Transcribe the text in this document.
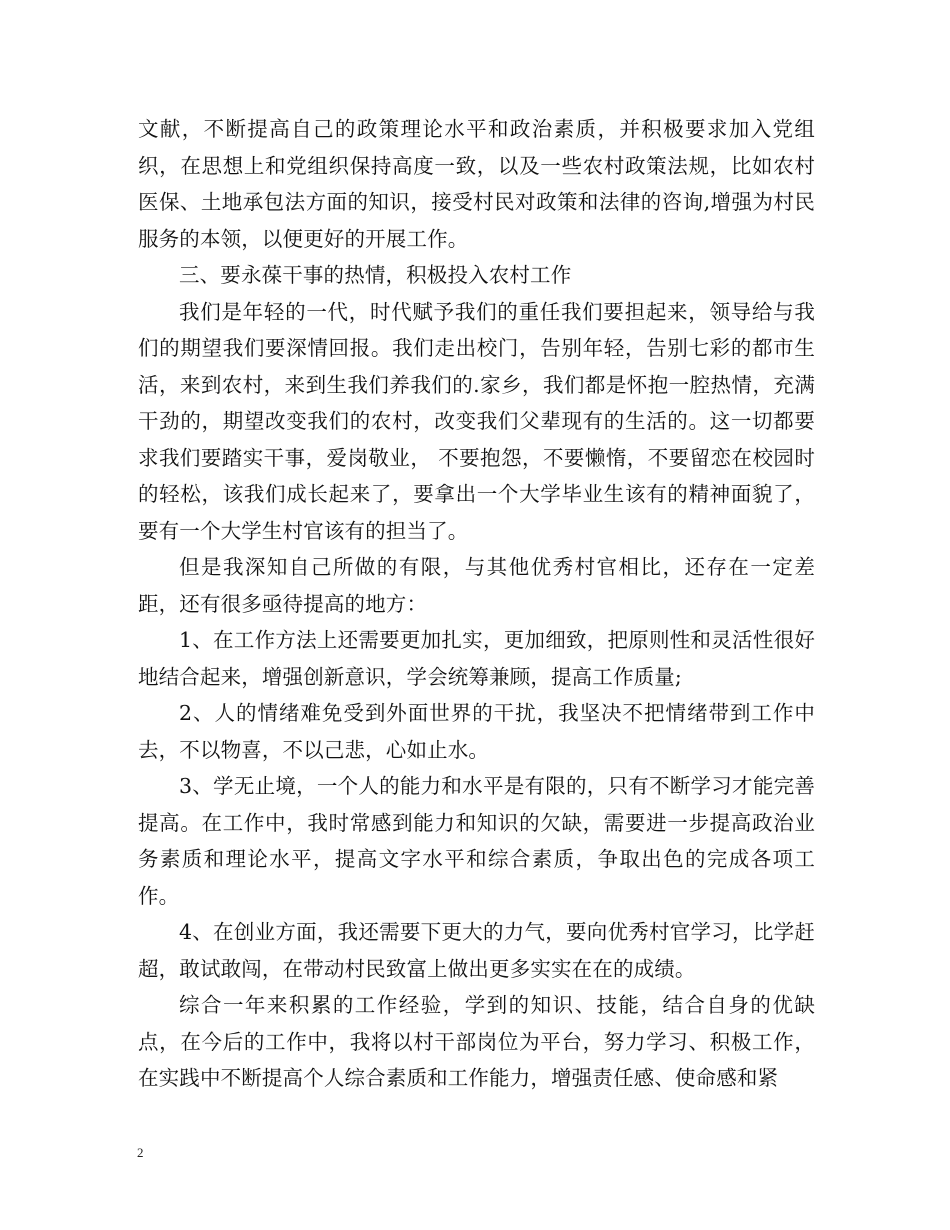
文献，不断提高自己的政策理论水平和政治素质，并积极要求加入党组织，在思想上和党组织保持高度一致，以及一些农村政策法规，比如农村医保、土地承包法方面的知识，接受村民对政策和法律的咨询,增强为村民服务的本领，以便更好的开展工作。

三、要永葆干事的热情，积极投入农村工作

我们是年轻的一代，时代赋予我们的重任我们要担起来，领导给与我们的期望我们要深情回报。我们走出校门，告别年轻，告别七彩的都市生活，来到农村，来到生我们养我们的.家乡，我们都是怀抱一腔热情，充满干劲的，期望改变我们的农村，改变我们父辈现有的生活的。这一切都要求我们要踏实干事，爱岗敬业， 不要抱怨，不要懒惰，不要留恋在校园时的轻松，该我们成长起来了，要拿出一个大学毕业生该有的精神面貌了，要有一个大学生村官该有的担当了。

但是我深知自己所做的有限，与其他优秀村官相比，还存在一定差距，还有很多亟待提高的地方：

1、在工作方法上还需要更加扎实，更加细致，把原则性和灵活性很好地结合起来，增强创新意识，学会统筹兼顾，提高工作质量;

2、人的情绪难免受到外面世界的干扰，我坚决不把情绪带到工作中去，不以物喜，不以己悲，心如止水。

3、学无止境，一个人的能力和水平是有限的，只有不断学习才能完善提高。在工作中，我时常感到能力和知识的欠缺，需要进一步提高政治业务素质和理论水平，提高文字水平和综合素质，争取出色的完成各项工作。

4、在创业方面，我还需要下更大的力气，要向优秀村官学习，比学赶超，敢试敢闯，在带动村民致富上做出更多实实在在的成绩。

综合一年来积累的工作经验，学到的知识、技能，结合自身的优缺点，在今后的工作中，我将以村干部岗位为平台，努力学习、积极工作，在实践中不断提高个人综合素质和工作能力，增强责任感、使命感和紧

2
